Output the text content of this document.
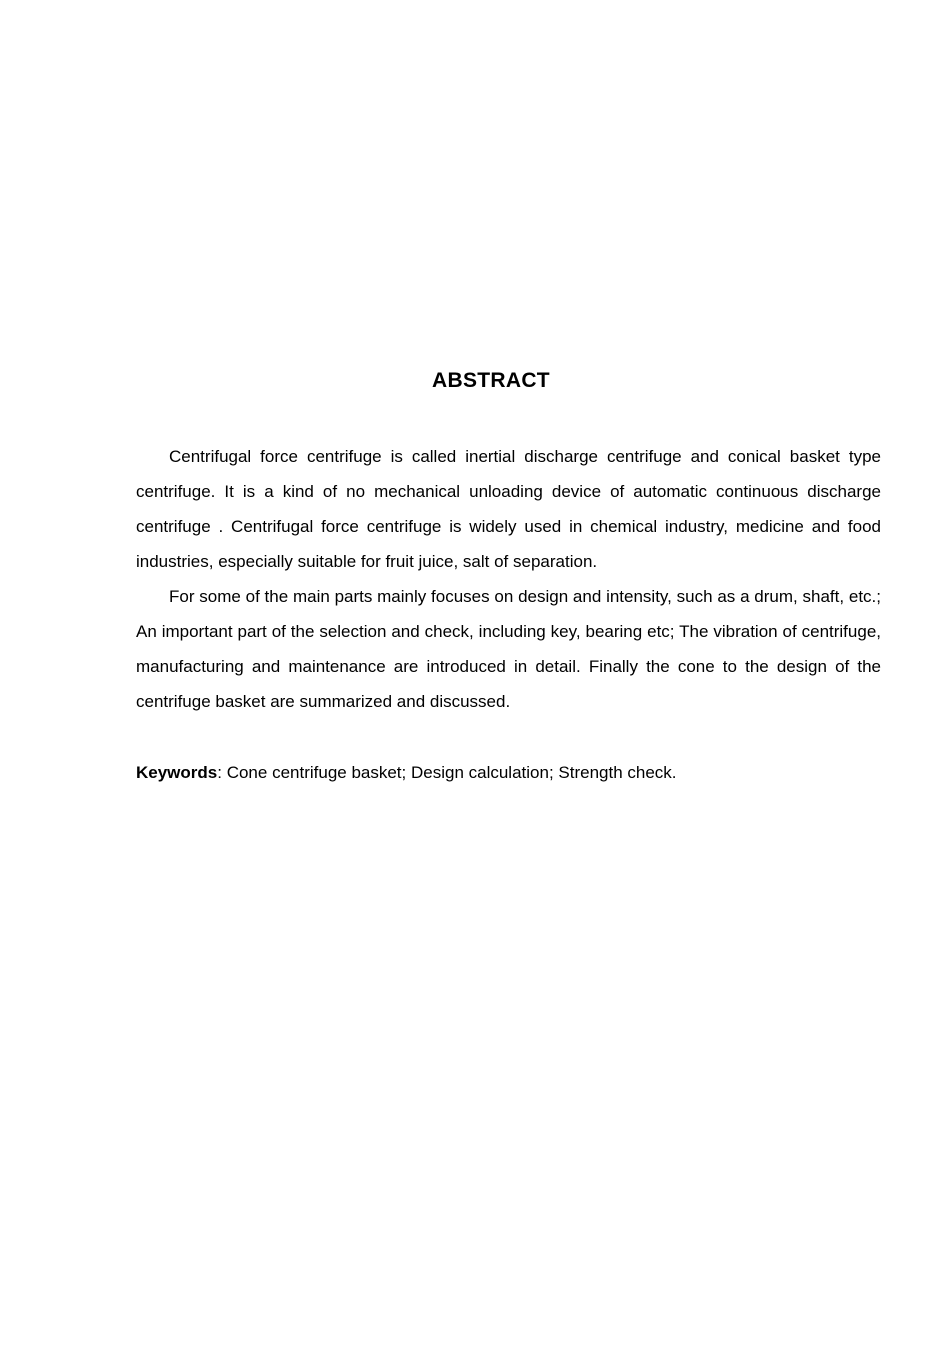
ABSTRACT

Centrifugal force centrifuge is called inertial discharge centrifuge and conical basket type centrifuge. It is a kind of no mechanical unloading device of automatic continuous discharge centrifuge . Centrifugal force centrifuge is widely used in chemical industry, medicine and food industries, especially suitable for fruit juice, salt of separation.

For some of the main parts mainly focuses on design and intensity, such as a drum, shaft, etc.; An important part of the selection and check, including key, bearing etc; The vibration of centrifuge, manufacturing and maintenance are introduced in detail. Finally the cone to the design of the centrifuge basket are summarized and discussed.

Keywords: Cone centrifuge basket; Design calculation; Strength check.
